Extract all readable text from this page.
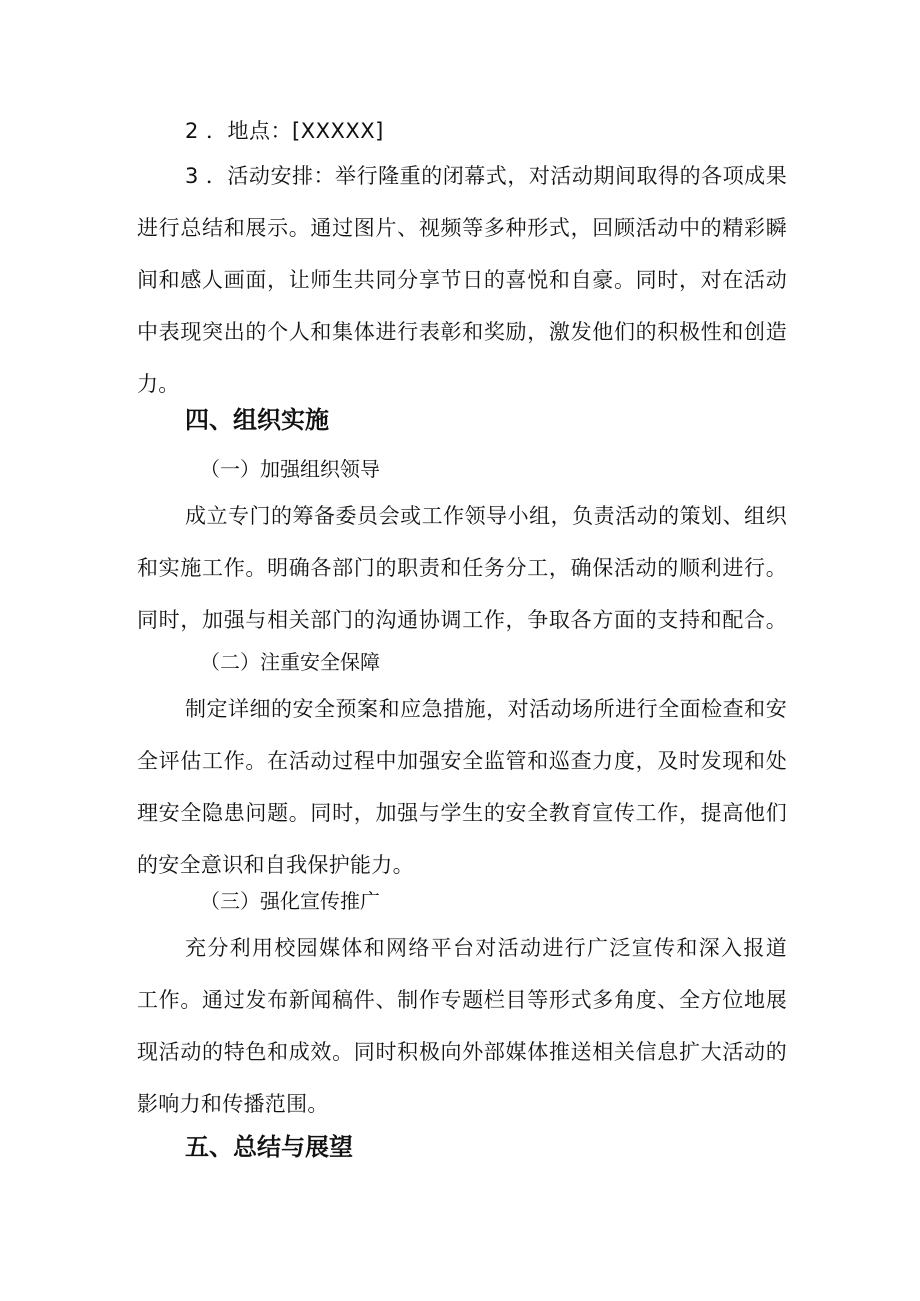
2 ．地点：[XXXXX]
3 ．活动安排：举行隆重的闭幕式，对活动期间取得的各项成果
进行总结和展示。通过图片、视频等多种形式，回顾活动中的精彩瞬
间和感人画面，让师生共同分享节日的喜悦和自豪。同时，对在活动
中表现突出的个人和集体进行表彰和奖励，激发他们的积极性和创造
力。
四、组织实施
（一）加强组织领导
成立专门的筹备委员会或工作领导小组，负责活动的策划、组织
和实施工作。明确各部门的职责和任务分工，确保活动的顺利进行。
同时，加强与相关部门的沟通协调工作，争取各方面的支持和配合。
（二）注重安全保障
制定详细的安全预案和应急措施，对活动场所进行全面检查和安
全评估工作。在活动过程中加强安全监管和巡查力度，及时发现和处
理安全隐患问题。同时，加强与学生的安全教育宣传工作，提高他们
的安全意识和自我保护能力。
（三）强化宣传推广
充分利用校园媒体和网络平台对活动进行广泛宣传和深入报道
工作。通过发布新闻稿件、制作专题栏目等形式多角度、全方位地展
现活动的特色和成效。同时积极向外部媒体推送相关信息扩大活动的
影响力和传播范围。
五、总结与展望
